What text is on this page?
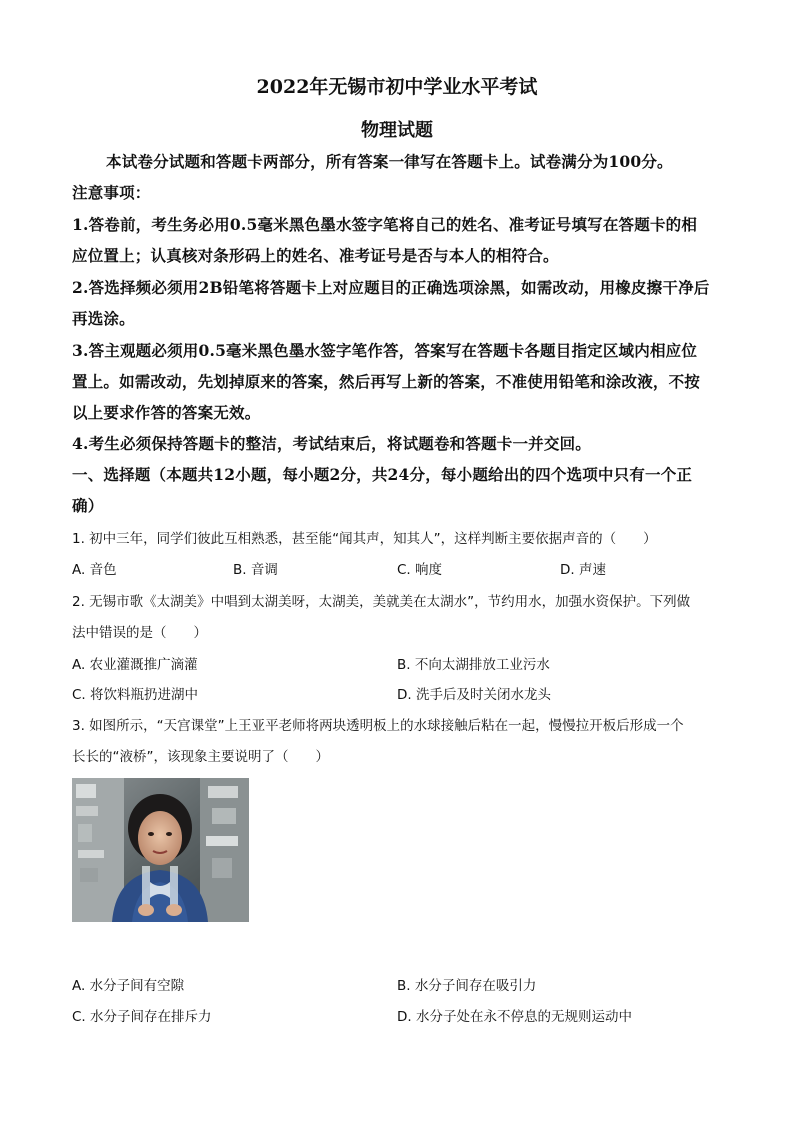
2022年无锡市初中学业水平考试
物理试题
本试卷分试题和答题卡两部分，所有答案一律写在答题卡上。试卷满分为100分。
注意事项：
1.答卷前，考生务必用0.5毫米黑色墨水签字笔将自己的姓名、准考证号填写在答题卡的相
应位置上；认真核对条形码上的姓名、准考证号是否与本人的相符合。
2.答选择频必须用2B铅笔将答题卡上对应题目的正确选项涂黑，如需改动，用橡皮擦干净后
再选涂。
3.答主观题必须用0.5毫米黑色墨水签字笔作答，答案写在答题卡各题目指定区域内相应位
置上。如需改动，先划掉原来的答案，然后再写上新的答案，不准使用铅笔和涂改液，不按
以上要求作答的答案无效。
4.考生必须保持答题卡的整洁，考试结束后，将试题卷和答题卡一并交回。
一、选择题（本题共12小题，每小题2分，共24分，每小题给出的四个选项中只有一个正
确）
1. 初中三年，同学们彼此互相熟悉，甚至能“闻其声，知其人”，这样判断主要依据声音的（　　）
A. 音色	B. 音调	C. 响度	D. 声速
2. 无锡市歌《太湖美》中唱到太湖美呀，太湖美，美就美在太湖水”，节约用水，加强水资保护。下列做
法中错误的是（　　）
A. 农业灌溉推广滴灌	B. 不向太湖排放工业污水
C. 将饮料瓶扔进湖中	D. 洗手后及时关闭水龙头
3. 如图所示，“天宫课堂”上王亚平老师将两块透明板上的水球接触后粘在一起，慢慢拉开板后形成一个
长长的“液桥”，该现象主要说明了（　　）
A. 水分子间有空隙	B. 水分子间存在吸引力
C. 水分子间存在排斥力	D. 水分子处在永不停息的无规则运动中
